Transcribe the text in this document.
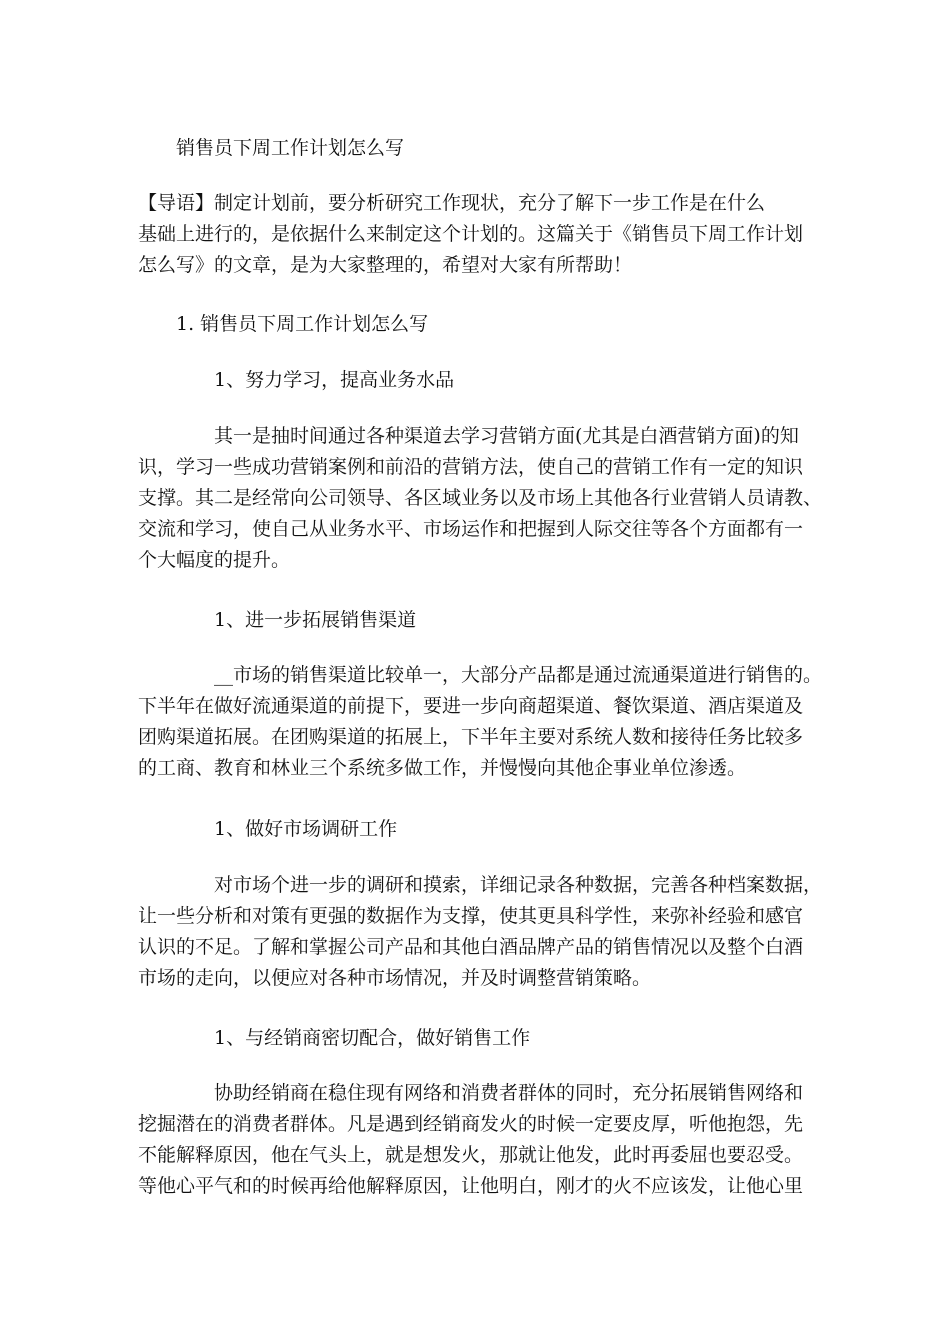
销售员下周工作计划怎么写
【导语】制定计划前，要分析研究工作现状，充分了解下一步工作是在什么
基础上进行的，是依据什么来制定这个计划的。这篇关于《销售员下周工作计划
怎么写》的文章，是为大家整理的，希望对大家有所帮助！
1. 销售员下周工作计划怎么写
1、努力学习，提高业务水品
其一是抽时间通过各种渠道去学习营销方面(尤其是白酒营销方面)的知
识，学习一些成功营销案例和前沿的营销方法，使自己的营销工作有一定的知识
支撑。其二是经常向公司领导、各区域业务以及市场上其他各行业营销人员请教、
交流和学习，使自己从业务水平、市场运作和把握到人际交往等各个方面都有一
个大幅度的提升。
1、进一步拓展销售渠道
__市场的销售渠道比较单一，大部分产品都是通过流通渠道进行销售的。
下半年在做好流通渠道的前提下，要进一步向商超渠道、餐饮渠道、酒店渠道及
团购渠道拓展。在团购渠道的拓展上，下半年主要对系统人数和接待任务比较多
的工商、教育和林业三个系统多做工作，并慢慢向其他企事业单位渗透。
1、做好市场调研工作
对市场个进一步的调研和摸索，详细记录各种数据，完善各种档案数据，
让一些分析和对策有更强的数据作为支撑，使其更具科学性，来弥补经验和感官
认识的不足。了解和掌握公司产品和其他白酒品牌产品的销售情况以及整个白酒
市场的走向，以便应对各种市场情况，并及时调整营销策略。
1、与经销商密切配合，做好销售工作
协助经销商在稳住现有网络和消费者群体的同时，充分拓展销售网络和
挖掘潜在的消费者群体。凡是遇到经销商发火的时候一定要皮厚，听他抱怨，先
不能解释原因，他在气头上，就是想发火，那就让他发，此时再委屈也要忍受。
等他心平气和的时候再给他解释原因，让他明白，刚才的火不应该发，让他心里
